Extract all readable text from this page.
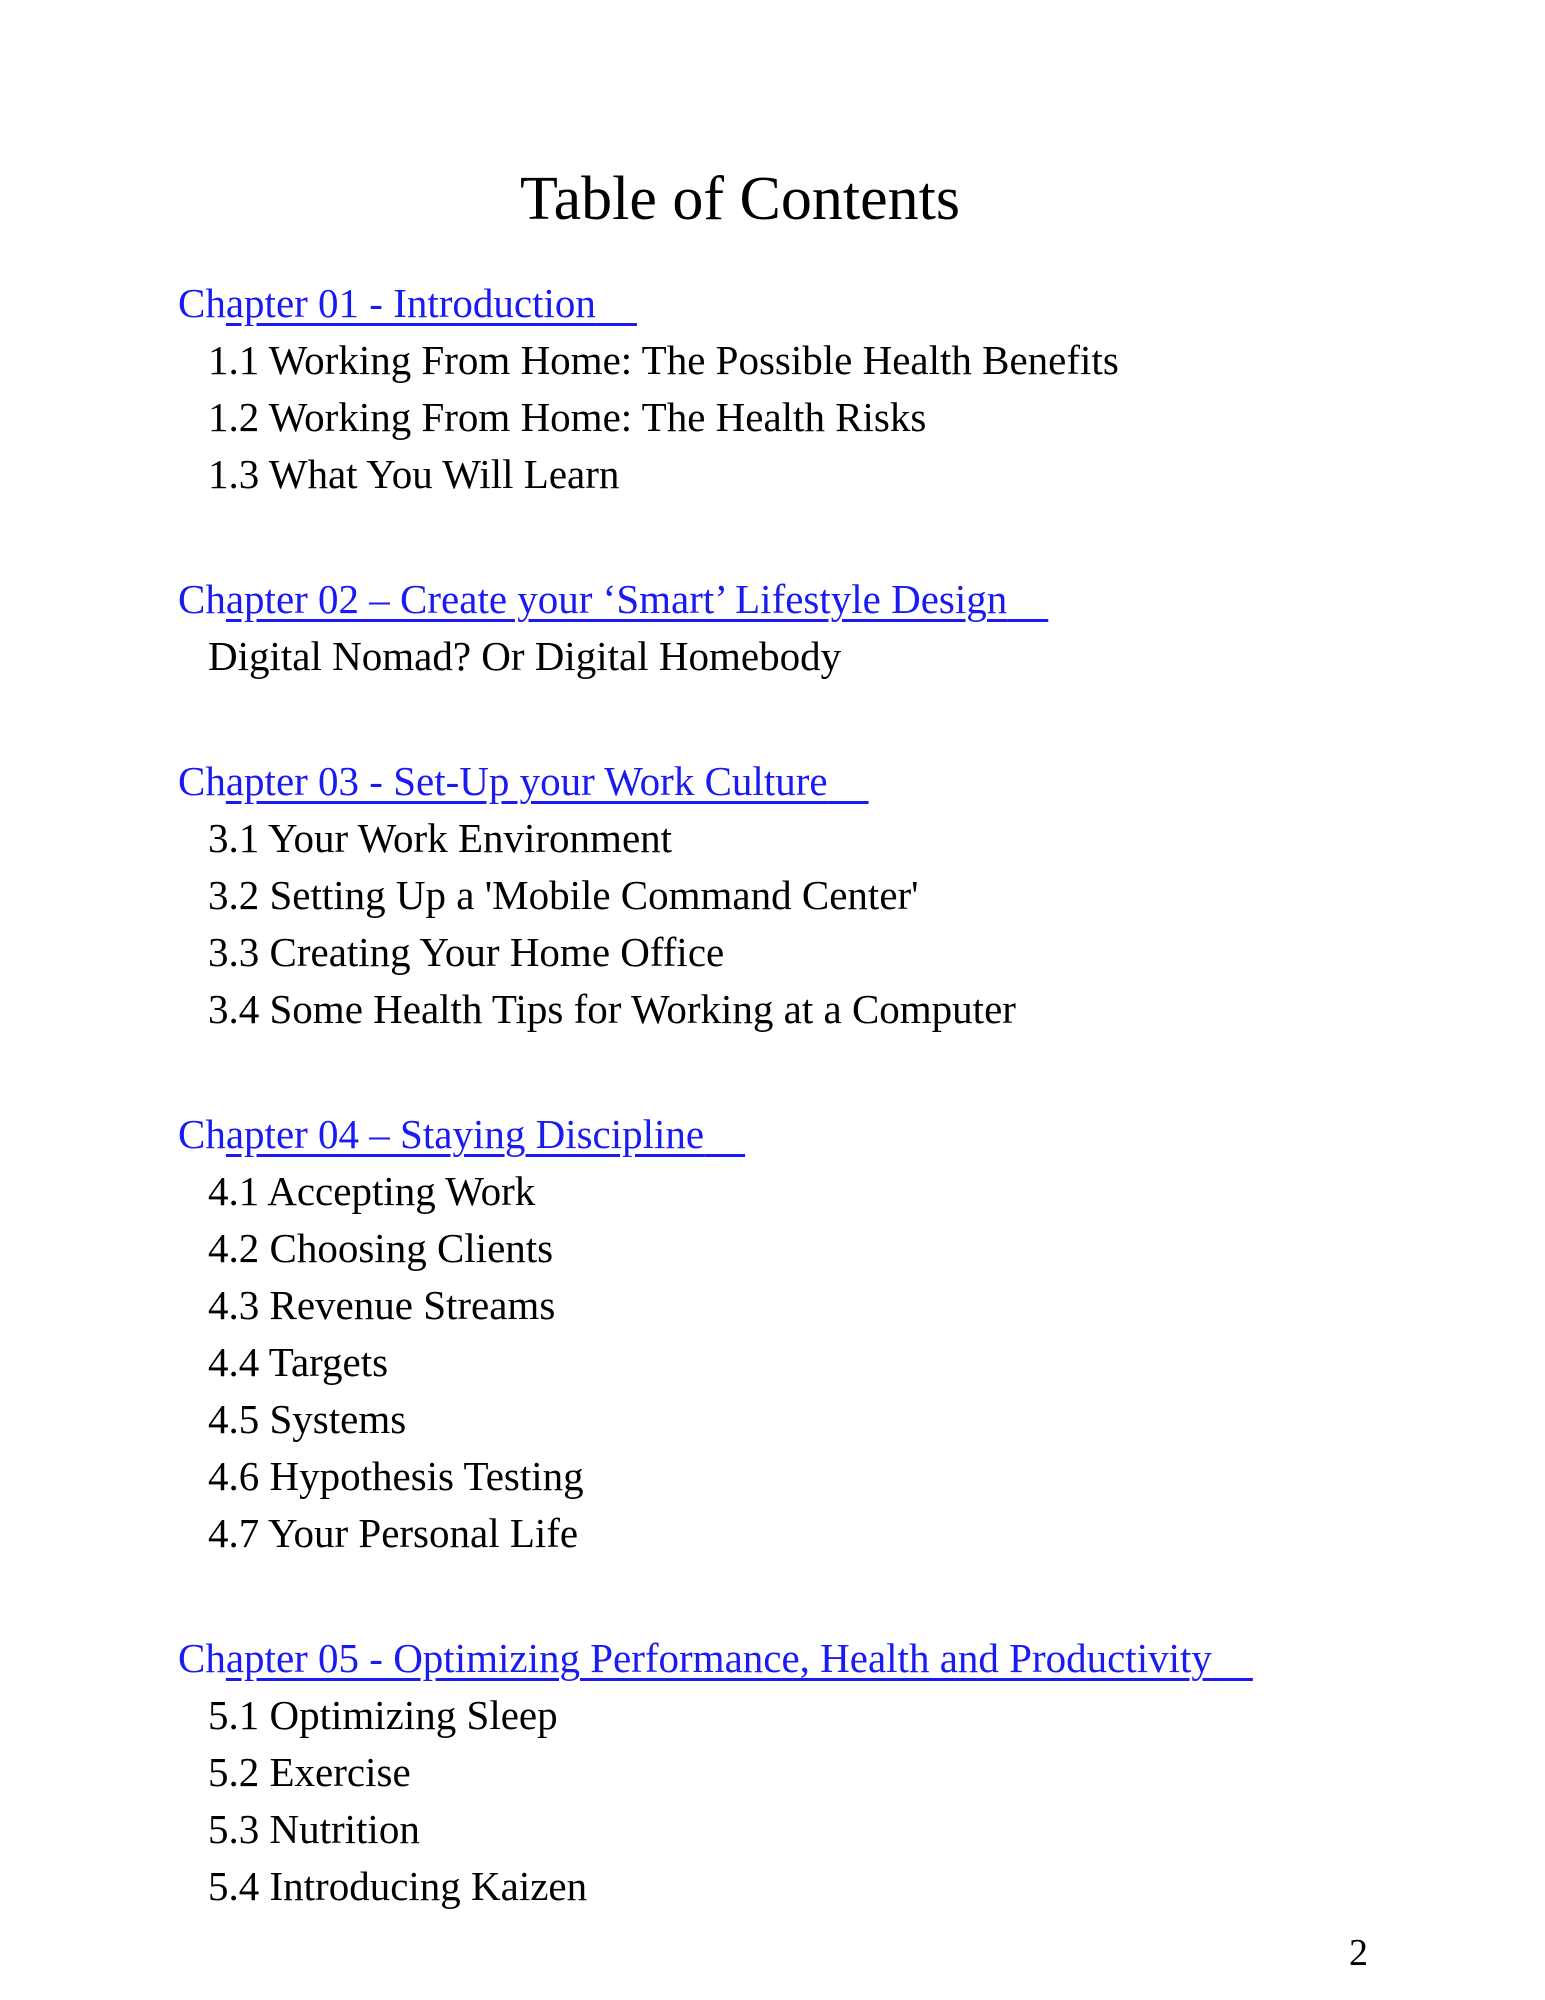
Table of Contents

Chapter 01 - Introduction

1.1 Working From Home: The Possible Health Benefits

1.2 Working From Home: The Health Risks

1.3 What You Will Learn

Chapter 02 – Create your ‘Smart’ Lifestyle Design

Digital Nomad? Or Digital Homebody

Chapter 03 - Set-Up your Work Culture

3.1 Your Work Environment

3.2 Setting Up a 'Mobile Command Center'

3.3 Creating Your Home Office

3.4 Some Health Tips for Working at a Computer

Chapter 04 – Staying Discipline

4.1 Accepting Work

4.2 Choosing Clients

4.3 Revenue Streams

4.4 Targets

4.5 Systems

4.6 Hypothesis Testing

4.7 Your Personal Life

Chapter 05 - Optimizing Performance, Health and Productivity

5.1 Optimizing Sleep

5.2 Exercise

5.3 Nutrition

5.4 Introducing Kaizen

2
